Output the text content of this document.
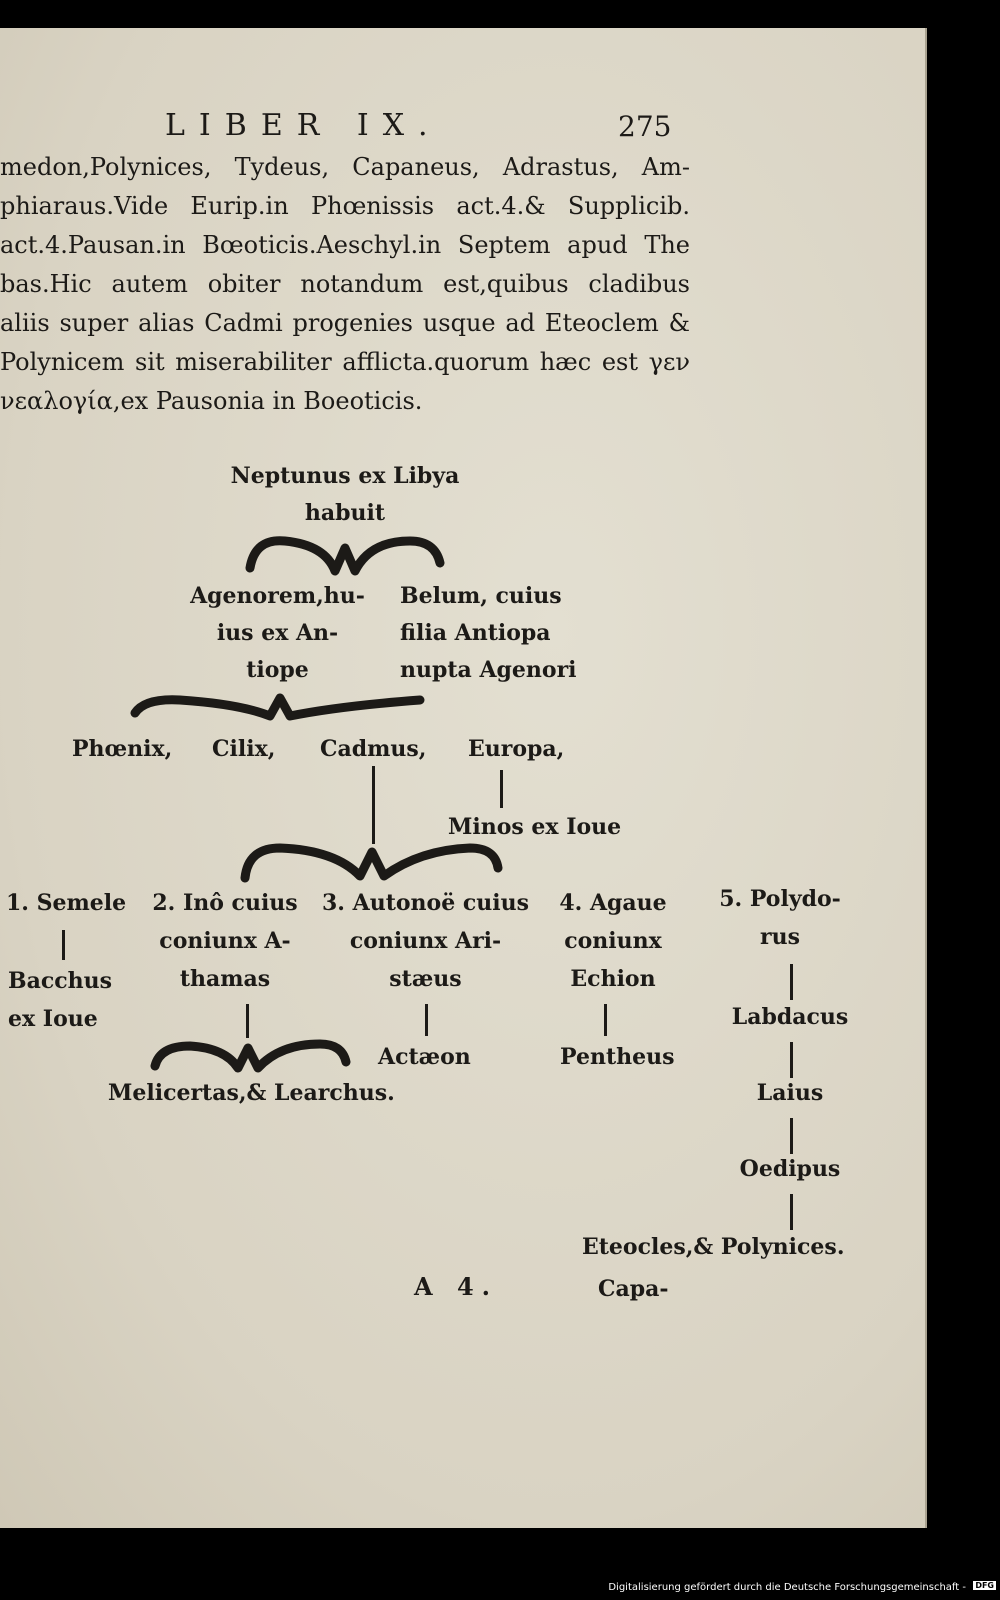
LIBER IX.	275
medon,Polynices, Tydeus, Capaneus, Adrastus, Am-
phiaraus.Vide Eurip.in Phœnissis act.4.& Supplicib.
act.4.Pausan.in Bœoticis.Aeschyl.in Septem apud The
bas.Hic autem obiter notandum est,quibus cladibus
aliis super alias Cadmi progenies usque ad Eteoclem &
Polynicem sit miserabiliter afflicta.quorum hæc est γεν
νεαλογία,ex Pausonia in Boeoticis.
Neptunus ex Libya
habuit
Agenorem,hu-
ius ex An-
tiope
Belum, cuius
filia Antiopa
nupta Agenori
Phœnix, Cilix, Cadmus, Europa,
Minos ex Ioue
1. Semele
Bacchus
ex Ioue
2. Inô cuius
coniunx A-
thamas
Melicertas,& Learchus.
3. Autonoë cuius
coniunx Ari-
stæus
Actæon
4. Agaue
coniunx
Echion
Pentheus
5. Polydo-
rus
Labdacus
Laius
Oedipus
Eteocles,& Polynices.
A 4.	Capa-
Digitalisierung gefördert durch die Deutsche Forschungsgemeinschaft - DFG
